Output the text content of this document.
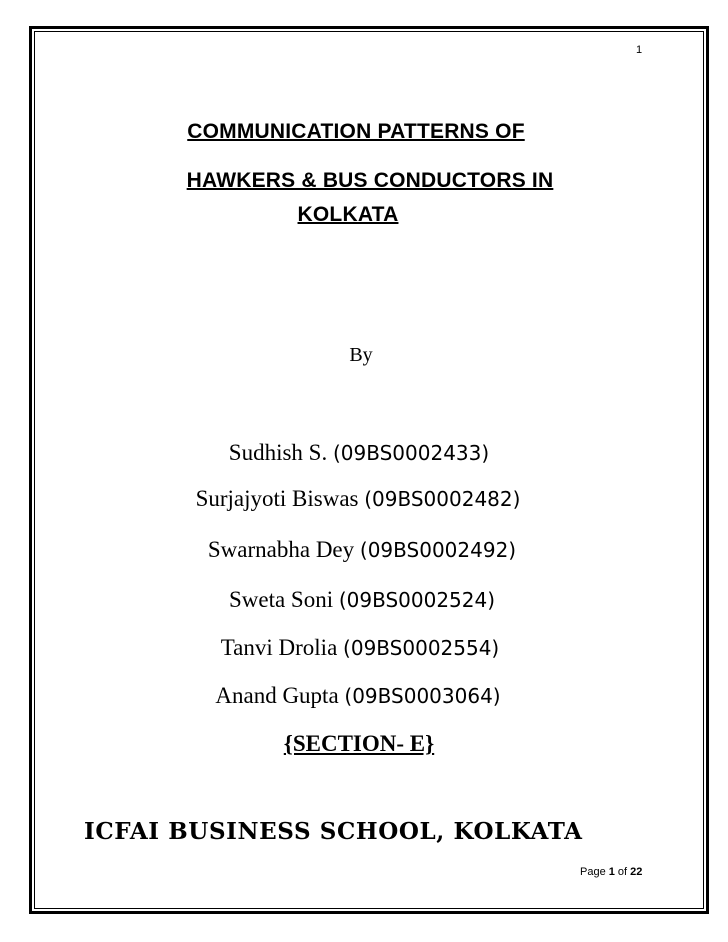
1
COMMUNICATION PATTERNS OF
HAWKERS & BUS CONDUCTORS IN
KOLKATA
By
Sudhish S. (09BS0002433)
Surjajyoti Biswas (09BS0002482)
Swarnabha Dey (09BS0002492)
Sweta Soni (09BS0002524)
Tanvi Drolia (09BS0002554)
Anand Gupta (09BS0003064)
{SECTION- E}
ICFAI BUSINESS SCHOOL, KOLKATA
Page 1 of 22
